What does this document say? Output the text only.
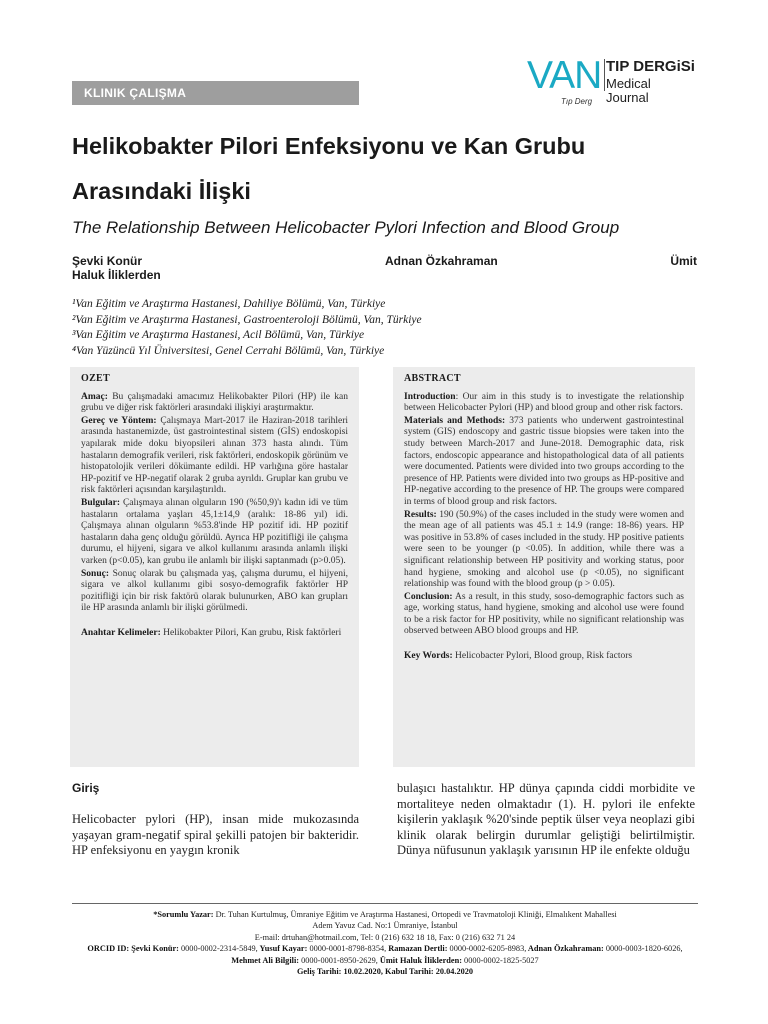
KLINIK ÇALIŞMA	VAN TIP DERGiSi
Medical Journal
Tıp Derg
Helikobakter Pilori Enfeksiyonu ve Kan Grubu Arasındaki İlişki
The Relationship Between Helicobacter Pylori Infection and Blood Group
Şevki Konür	Adnan Özkahraman	Ümit
Haluk İliklerden
¹Van Eğitim ve Araştırma Hastanesi, Dahiliye Bölümü, Van, Türkiye
²Van Eğitim ve Araştırma Hastanesi, Gastroenteroloji Bölümü, Van, Türkiye
³Van Eğitim ve Araştırma Hastanesi, Acil Bölümü, Van, Türkiye
⁴Van Yüzüncü Yıl Üniversitesi, Genel Cerrahi Bölümü, Van, Türkiye
OZET

Amaç: Bu çalışmadaki amacımız Helikobakter Pilori (HP) ile kan grubu ve diğer risk faktörleri arasındaki ilişkiyi araştırmaktır.

Gereç ve Yöntem: Çalışmaya Mart-2017 ile Haziran-2018 tarihleri arasında hastanemizde, üst gastrointestinal sistem (GİS) endoskopisi yapılarak mide doku biyopsileri alınan 373 hasta alındı. Tüm hastaların demografik verileri, risk faktörleri, endoskopik görünüm ve histopatolojik verileri dökümante edildi. HP varlığına göre hastalar HP-pozitif ve HP-negatif olarak 2 gruba ayrıldı. Gruplar kan grubu ve risk faktörleri açısından karşılaştırıldı.

Bulgular: Çalışmaya alınan olguların 190 (%50,9)'ı kadın idi ve tüm hastaların ortalama yaşları 45,1±14,9 (aralık: 18-86 yıl) idi. Çalışmaya alınan olguların %53.8'inde HP pozitif idi. HP pozitif hastaların daha genç olduğu görüldü. Ayrıca HP pozitifliği ile çalışma durumu, el hijyeni, sigara ve alkol kullanımı arasında anlamlı ilişki varken (p<0.05), kan grubu ile anlamlı bir ilişki saptanmadı (p>0.05).

Sonuç: Sonuç olarak bu çalışmada yaş, çalışma durumu, el hijyeni, sigara ve alkol kullanımı gibi sosyo-demografik faktörler HP pozitifliği için bir risk faktörü olarak bulunurken, ABO kan grupları ile HP arasında anlamlı bir ilişki görülmedi.

Anahtar Kelimeler: Helikobakter Pilori, Kan grubu, Risk faktörleri

ABSTRACT

Introduction: Our aim in this study is to investigate the relationship between Helicobacter Pylori (HP) and blood group and other risk factors.

Materials and Methods: 373 patients who underwent gastrointestinal system (GIS) endoscopy and gastric tissue biopsies were taken into the study between March-2017 and June-2018. Demographic data, risk factors, endoscopic appearance and histopathological data of all patients were documented. Patients were divided into two groups according to the presence of HP. Patients were divided into two groups as HP-positive and HP-negative according to the presence of HP. The groups were compared in terms of blood group and risk factors.

Results: 190 (50.9%) of the cases included in the study were women and the mean age of all patients was 45.1 ± 14.9 (range: 18-86) years. HP was positive in 53.8% of cases included in the study. HP positive patients were seen to be younger (p <0.05). In addition, while there was a significant relationship between HP positivity and working status, poor hand hygiene, smoking and alcohol use (p <0.05), no significant relationship was found with the blood group (p > 0.05).

Conclusion: As a result, in this study, soso-demographic factors such as age, working status, hand hygiene, smoking and alcohol use were found to be a risk factor for HP positivity, while no significant relationship was observed between ABO blood groups and HP.

Key Words: Helicobacter Pylori, Blood group, Risk factors

Giriş
Helicobacter pylori (HP), insan mide mukozasında yaşayan gram-negatif spiral şekilli patojen bir bakteridir. HP enfeksiyonu en yaygın kronik
bulaşıcı hastalıktır. HP dünya çapında ciddi morbidite ve mortaliteye neden olmaktadır (1). H. pylori ile enfekte kişilerin yaklaşık %20'sinde peptik ülser veya neoplazi gibi klinik olarak belirgin durumlar geliştiği belirtilmiştir. Dünya nüfusunun yaklaşık yarısının HP ile enfekte olduğu
*Sorumlu Yazar: Dr. Tuhan Kurtulmuş, Ümraniye Eğitim ve Araştırma Hastanesi, Ortopedi ve Travmatoloji Kliniği, Elmalıkent Mahallesi
Adem Yavuz Cad. No:1 Ümraniye, İstanbul
E-mail: drtuhan@hotmail.com, Tel: 0 (216) 632 18 18, Fax: 0 (216) 632 71 24
ORCID ID: Şevki Konür: 0000-0002-2314-5849, Yusuf Kayar: 0000-0001-8798-8354, Ramazan Dertli: 0000-0002-6205-8983, Adnan Özkahraman: 0000-0003-1820-6026, Mehmet Ali Bilgili: 0000-0001-8950-2629, Ümit Haluk İliklerden: 0000-0002-1825-5027
Geliş Tarihi: 10.02.2020, Kabul Tarihi: 20.04.2020
